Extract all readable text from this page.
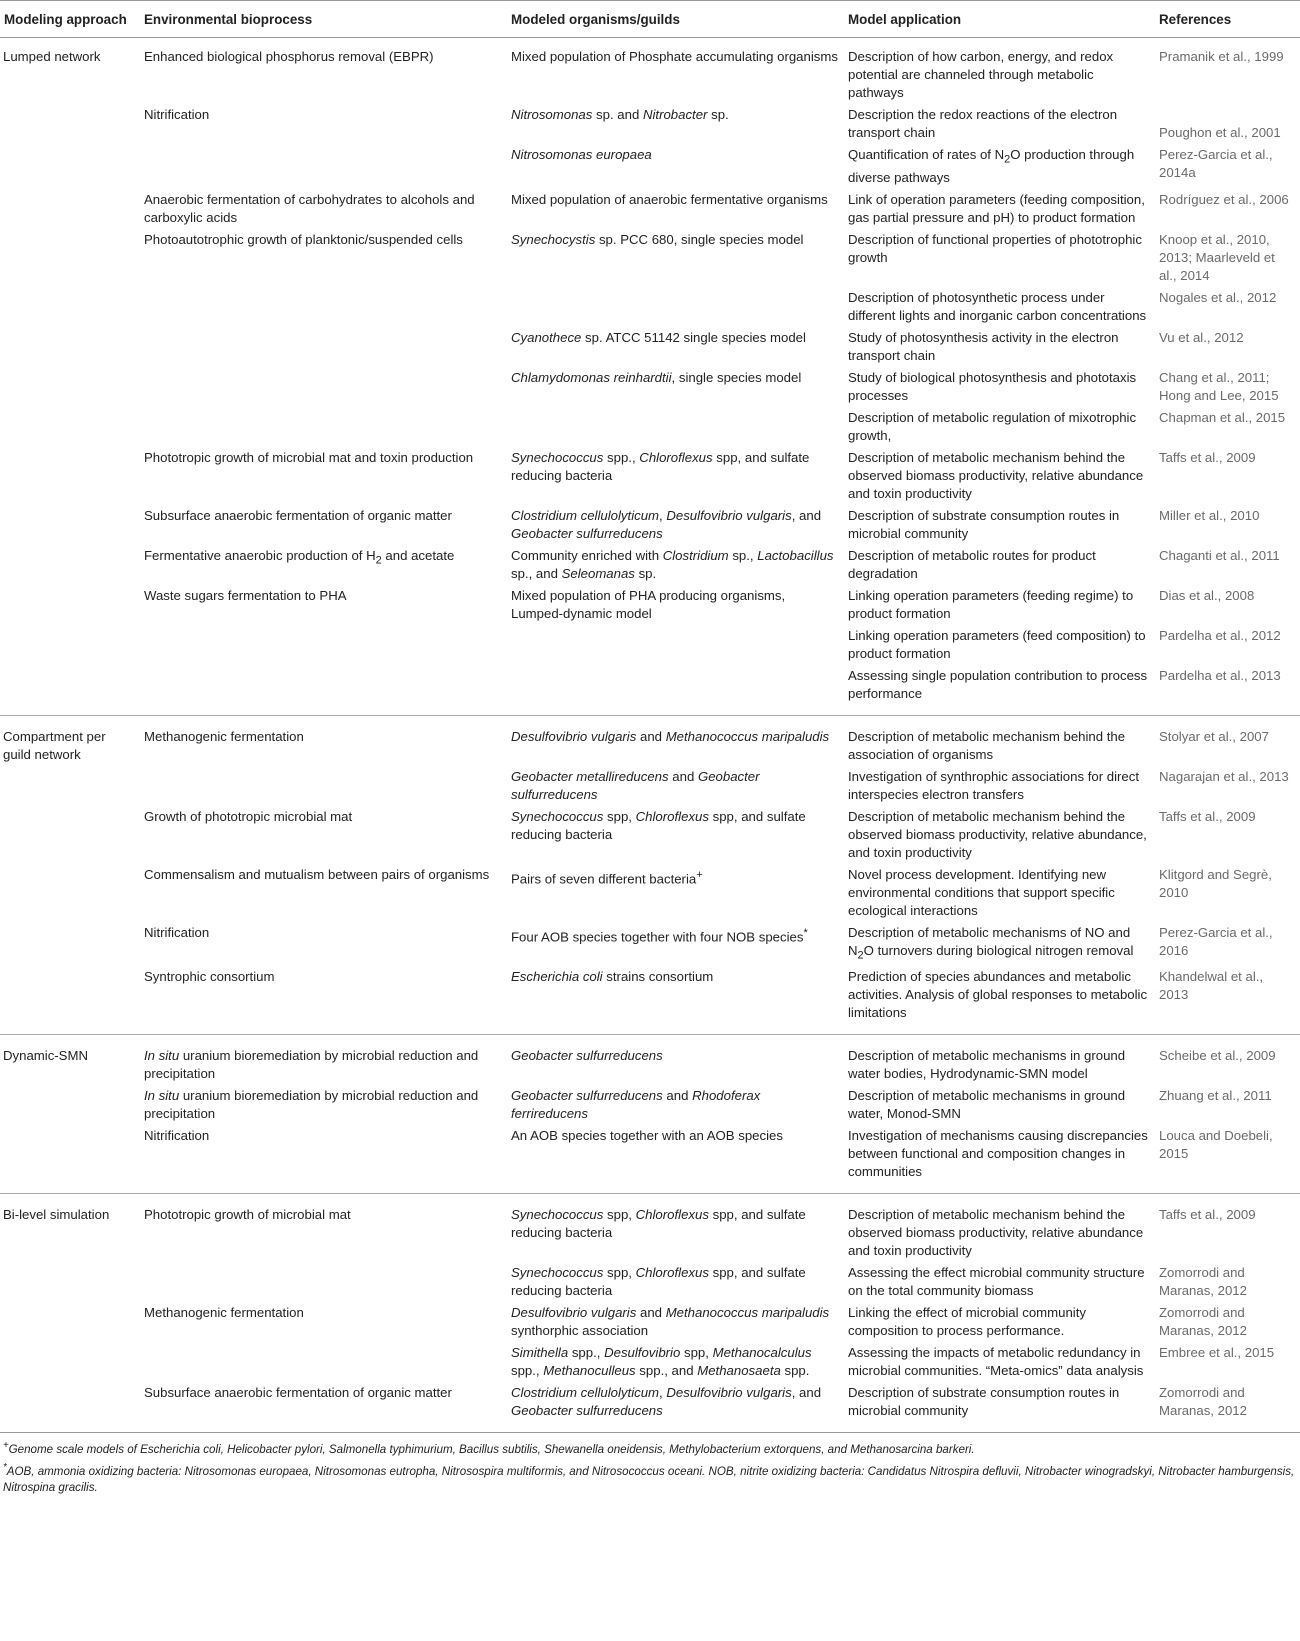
Modeling approach	Environmental bioprocess	Modeled organisms/guilds	Model application	References
Lumped network	Enhanced biological phosphorus removal (EBPR)	Mixed population of Phosphate accumulating organisms	Description of how carbon, energy, and redox potential are channeled through metabolic pathways	Pramanik et al., 1999
	Nitrification	Nitrosomonas sp. and Nitrobacter sp.	Description the redox reactions of the electron transport chain	Poughon et al., 2001
		Nitrosomonas europaea	Quantification of rates of $N_2O$ production through diverse pathways	Perez-Garcia et al., 2014a
	Anaerobic fermentation of carbohydrates to alcohols and carboxylic acids	Mixed population of anaerobic fermentative organisms	Link of operation parameters (feeding composition, gas partial pressure and pH) to product formation	Rodríguez et al., 2006
	Photoautotrophic growth of planktonic/suspended cells	Synechocystis sp. PCC 680, single species model	Description of functional properties of phototrophic growth	Knoop et al., 2010, 2013; Maarleveld et al., 2014
			Description of photosynthetic process under different lights and inorganic carbon concentrations	Nogales et al., 2012
		Cyanothece sp. ATCC 51142 single species model	Study of photosynthesis activity in the electron transport chain	Vu et al., 2012
		Chlamydomonas reinhardtii, single species model	Study of biological photosynthesis and phototaxis processes	Chang et al., 2011; Hong and Lee, 2015
			Description of metabolic regulation of mixotrophic growth,	Chapman et al., 2015
	Phototropic growth of microbial mat and toxin production	Synechococcus spp., Chloroflexus spp, and sulfate reducing bacteria	Description of metabolic mechanism behind the observed biomass productivity, relative abundance and toxin productivity	Taffs et al., 2009
	Subsurface anaerobic fermentation of organic matter	Clostridium cellulolyticum, Desulfovibrio vulgaris, and Geobacter sulfurreducens	Description of substrate consumption routes in microbial community	Miller et al., 2010
	Fermentative anaerobic production of $H_2$ and acetate	Community enriched with Clostridium sp., Lactobacillus sp., and Seleomanas sp.	Description of metabolic routes for product degradation	Chaganti et al., 2011
	Waste sugars fermentation to PHA	Mixed population of PHA producing organisms, Lumped-dynamic model	Linking operation parameters (feeding regime) to product formation	Dias et al., 2008
			Linking operation parameters (feed composition) to product formation	Pardelha et al., 2012
			Assessing single population contribution to process performance	Pardelha et al., 2013
Compartment per guild network	Methanogenic fermentation	Desulfovibrio vulgaris and Methanococcus maripaludis	Description of metabolic mechanism behind the association of organisms	Stolyar et al., 2007
		Geobacter metallireducens and Geobacter sulfurreducens	Investigation of synthrophic associations for direct interspecies electron transfers	Nagarajan et al., 2013
	Growth of phototropic microbial mat	Synechococcus spp, Chloroflexus spp, and sulfate reducing bacteria	Description of metabolic mechanism behind the observed biomass productivity, relative abundance, and toxin productivity	Taffs et al., 2009
	Commensalism and mutualism between pairs of organisms	Pairs of seven different bacteria+	Novel process development. Identifying new environmental conditions that support specific ecological interactions	Klitgord and Segrè, 2010
	Nitrification	Four AOB species together with four NOB species*	Description of metabolic mechanisms of NO and $N_2O$ turnovers during biological nitrogen removal	Perez-Garcia et al., 2016
	Syntrophic consortium	Escherichia coli strains consortium	Prediction of species abundances and metabolic activities. Analysis of global responses to metabolic limitations	Khandelwal et al., 2013
Dynamic-SMN	In situ uranium bioremediation by microbial reduction and precipitation	Geobacter sulfurreducens	Description of metabolic mechanisms in ground water bodies, Hydrodynamic-SMN model	Scheibe et al., 2009
	In situ uranium bioremediation by microbial reduction and precipitation	Geobacter sulfurreducens and Rhodoferax ferrireducens	Description of metabolic mechanisms in ground water, Monod-SMN	Zhuang et al., 2011
	Nitrification	An AOB species together with an AOB species	Investigation of mechanisms causing discrepancies between functional and composition changes in communities	Louca and Doebeli, 2015
Bi-level simulation	Phototropic growth of microbial mat	Synechococcus spp, Chloroflexus spp, and sulfate reducing bacteria	Description of metabolic mechanism behind the observed biomass productivity, relative abundance and toxin productivity	Taffs et al., 2009
		Synechococcus spp, Chloroflexus spp, and sulfate reducing bacteria	Assessing the effect microbial community structure on the total community biomass	Zomorrodi and Maranas, 2012
	Methanogenic fermentation	Desulfovibrio vulgaris and Methanococcus maripaludis synthorphic association	Linking the effect of microbial community composition to process performance.	Zomorrodi and Maranas, 2012
		Simithella spp., Desulfovibrio spp, Methanocalculus spp., Methanoculleus spp., and Methanosaeta spp.	Assessing the impacts of metabolic redundancy in microbial communities. “Meta-omics” data analysis	Embree et al., 2015
	Subsurface anaerobic fermentation of organic matter	Clostridium cellulolyticum, Desulfovibrio vulgaris, and Geobacter sulfurreducens	Description of substrate consumption routes in microbial community	Zomorrodi and Maranas, 2012
+Genome scale models of Escherichia coli, Helicobacter pylori, Salmonella typhimurium, Bacillus subtilis, Shewanella oneidensis, Methylobacterium extorquens, and Methanosarcina barkeri.
*AOB, ammonia oxidizing bacteria: Nitrosomonas europaea, Nitrosomonas eutropha, Nitrosospira multiformis, and Nitrosococcus oceani. NOB, nitrite oxidizing bacteria: Candidatus Nitrospira defluvii, Nitrobacter winogradskyi, Nitrobacter hamburgensis, Nitrospina gracilis.
